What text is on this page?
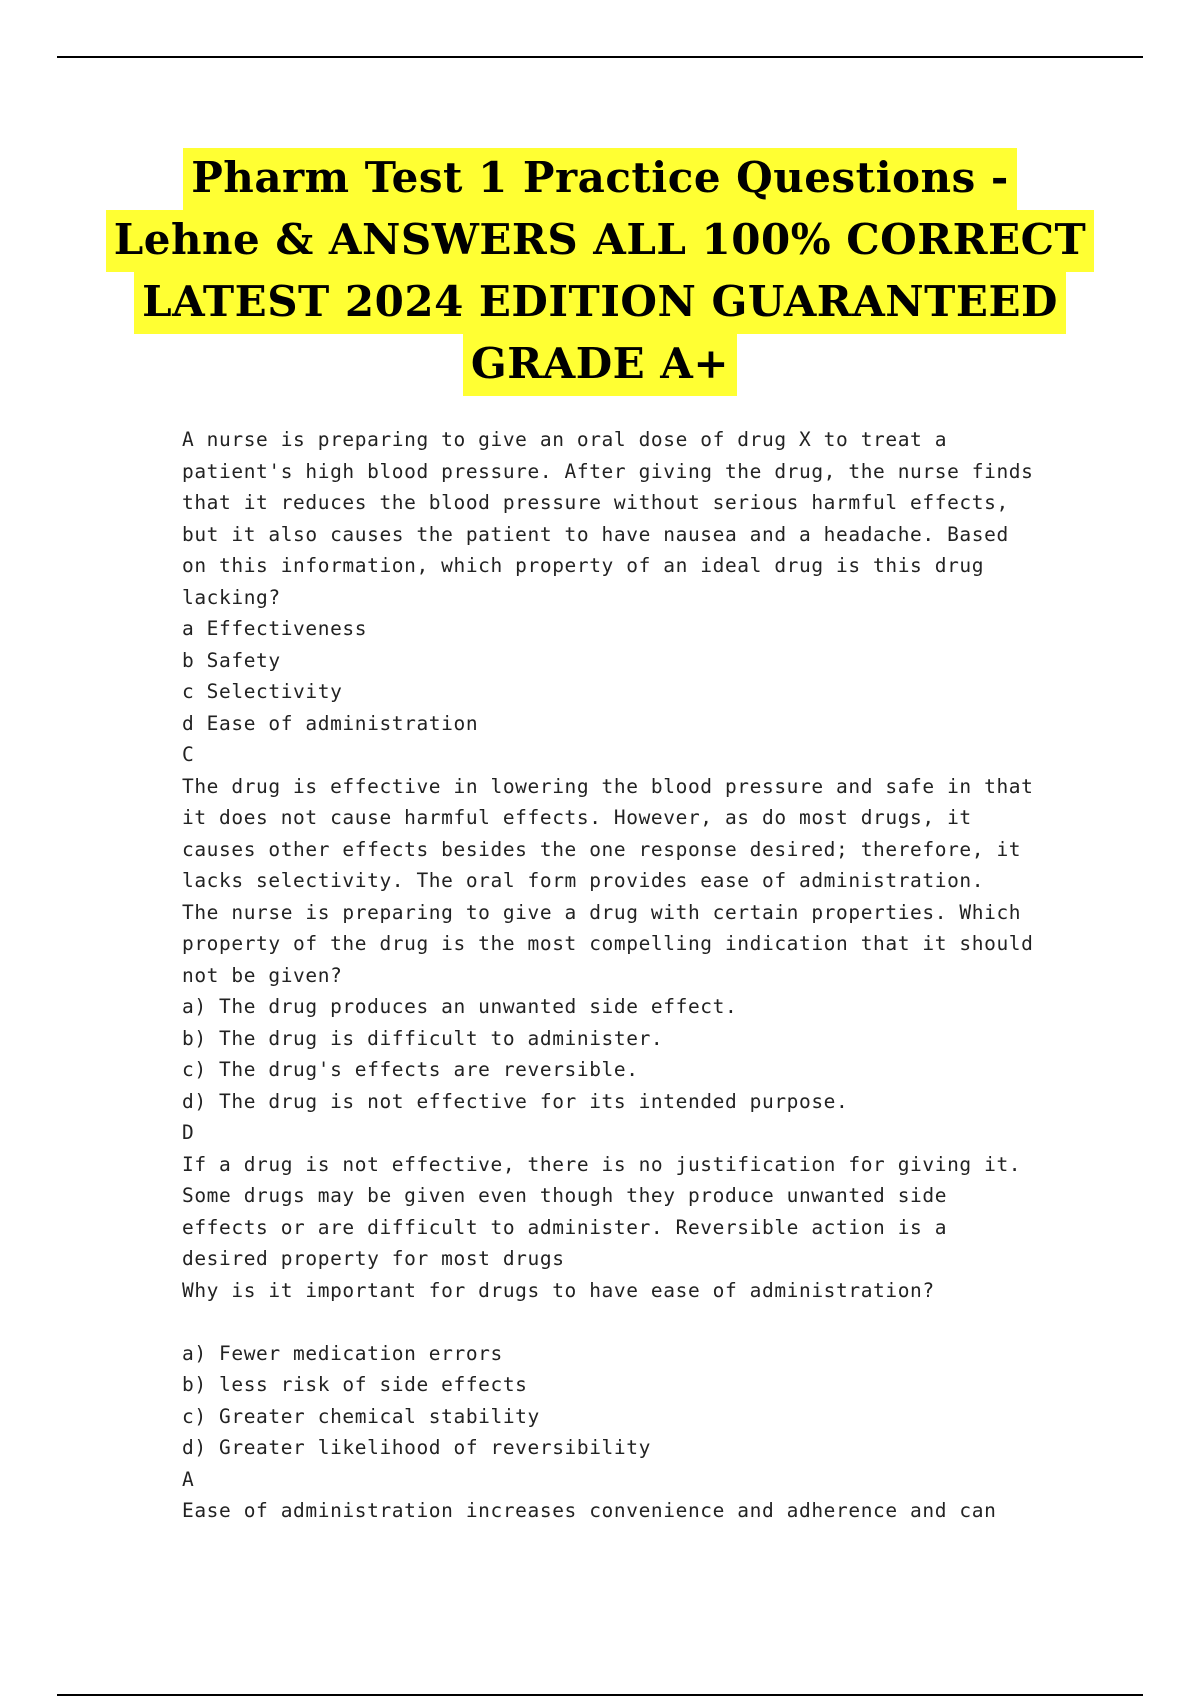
Pharm Test 1 Practice Questions -
Lehne & ANSWERS ALL 100% CORRECT
LATEST 2024 EDITION GUARANTEED
GRADE A+
A nurse is preparing to give an oral dose of drug X to treat a
patient's high blood pressure. After giving the drug, the nurse finds
that it reduces the blood pressure without serious harmful effects,
but it also causes the patient to have nausea and a headache. Based
on this information, which property of an ideal drug is this drug
lacking?
a Effectiveness
b Safety
c Selectivity
d Ease of administration
C
The drug is effective in lowering the blood pressure and safe in that
it does not cause harmful effects. However, as do most drugs, it
causes other effects besides the one response desired; therefore, it
lacks selectivity. The oral form provides ease of administration.
The nurse is preparing to give a drug with certain properties. Which
property of the drug is the most compelling indication that it should
not be given?
a) The drug produces an unwanted side effect.
b) The drug is difficult to administer.
c) The drug's effects are reversible.
d) The drug is not effective for its intended purpose.
D
If a drug is not effective, there is no justification for giving it.
Some drugs may be given even though they produce unwanted side
effects or are difficult to administer. Reversible action is a
desired property for most drugs
Why is it important for drugs to have ease of administration?
a) Fewer medication errors
b) less risk of side effects
c) Greater chemical stability
d) Greater likelihood of reversibility
A
Ease of administration increases convenience and adherence and can
